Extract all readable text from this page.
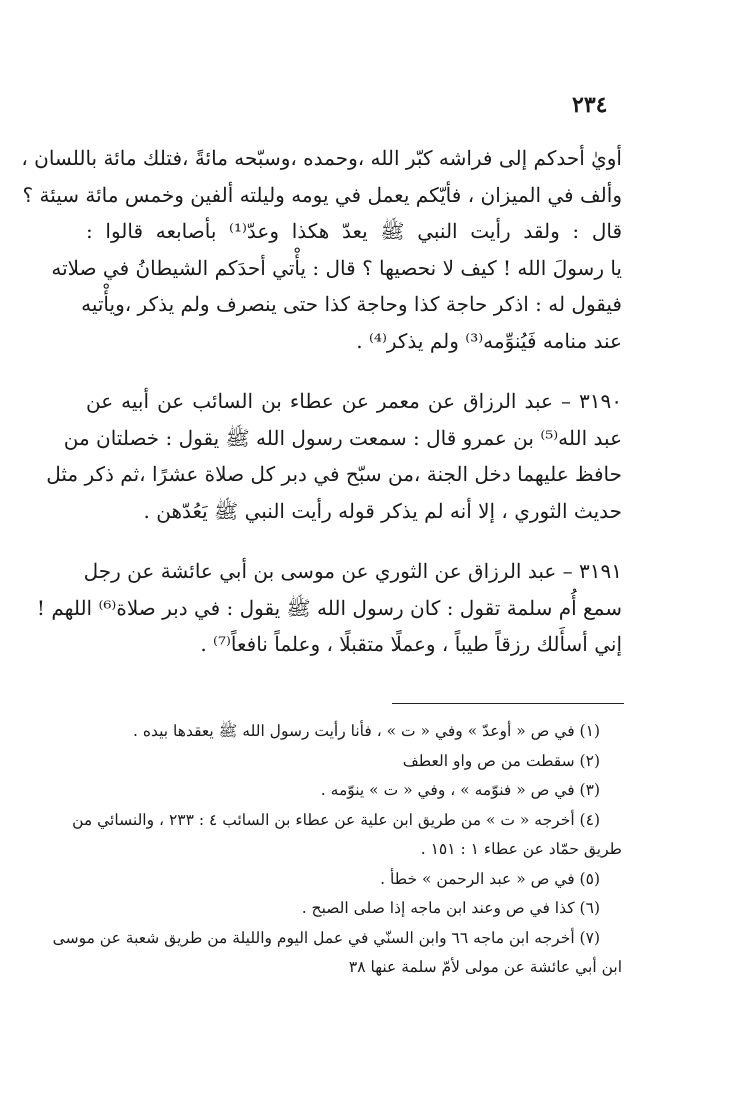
٢٣٤
أويٰ أحدكم إلى فراشه كبّر الله ،وحمده ،وسبّحه مائةً ،فتلك مائة باللسان ،
وألف في الميزان ، فأيّكم يعمل في يومه وليلته ألفين وخمس مائة سيئة ؟
قال : ولقد رأيت النبي ﷺ يعدّ هكذا وعدّ⁽¹⁾ بأصابعه قالوا :
يا رسولَ الله ! كيف لا نحصيها ؟ قال : يأْتي أحدَكم الشيطانُ في صلاته
فيقول له : اذكر حاجة كذا وحاجة كذا حتى ينصرف ولم يذكر ،ويأْتيه
عند منامه فَيُنوِّمه⁽³⁾ ولم يذكر⁽⁴⁾ .
٣١٩٠ – عبد الرزاق عن معمر عن عطاء بن السائب عن أبيه عن
عبد الله⁽⁵⁾ بن عمرو قال : سمعت رسول الله ﷺ يقول : خصلتان من
حافظ عليهما دخل الجنة ،من سبّح في دبر كل صلاة عشرًا ،ثم ذكر مثل
حديث الثوري ، إلا أنه لم يذكر قوله رأيت النبي ﷺ يَعُدّهن .
٣١٩١ – عبد الرزاق عن الثوري عن موسى بن أبي عائشة عن رجل
سمع أُم سلمة تقول : كان رسول الله ﷺ يقول : في دبر صلاة⁽⁶⁾ اللهم !
إني أسأَلك رزقاً طيباً ، وعملًا متقبلًا ، وعلماً نافعاً⁽⁷⁾ .
(١) في ص « أوعدّ » وفي « ت » ، فأنا رأيت رسول الله ﷺ يعقدها بيده .
(٢) سقطت من ص واو العطف
(٣) في ص « فنوّمه » ، وفي « ت » ينوّمه .
(٤) أخرجه « ت » من طريق ابن علية عن عطاء بن السائب ٤ : ٢٣٣ ، والنسائي من
طريق حمّاد عن عطاء ١ : ١٥١ .
(٥) في ص « عبد الرحمن » خطأ .
(٦) كذا في ص وعند ابن ماجه إذا صلى الصبح .
(٧) أخرجه ابن ماجه ٦٦ وابن السنّي في عمل اليوم والليلة من طريق شعبة عن موسى
ابن أبي عائشة عن مولى لأمّ سلمة عنها ٣٨
